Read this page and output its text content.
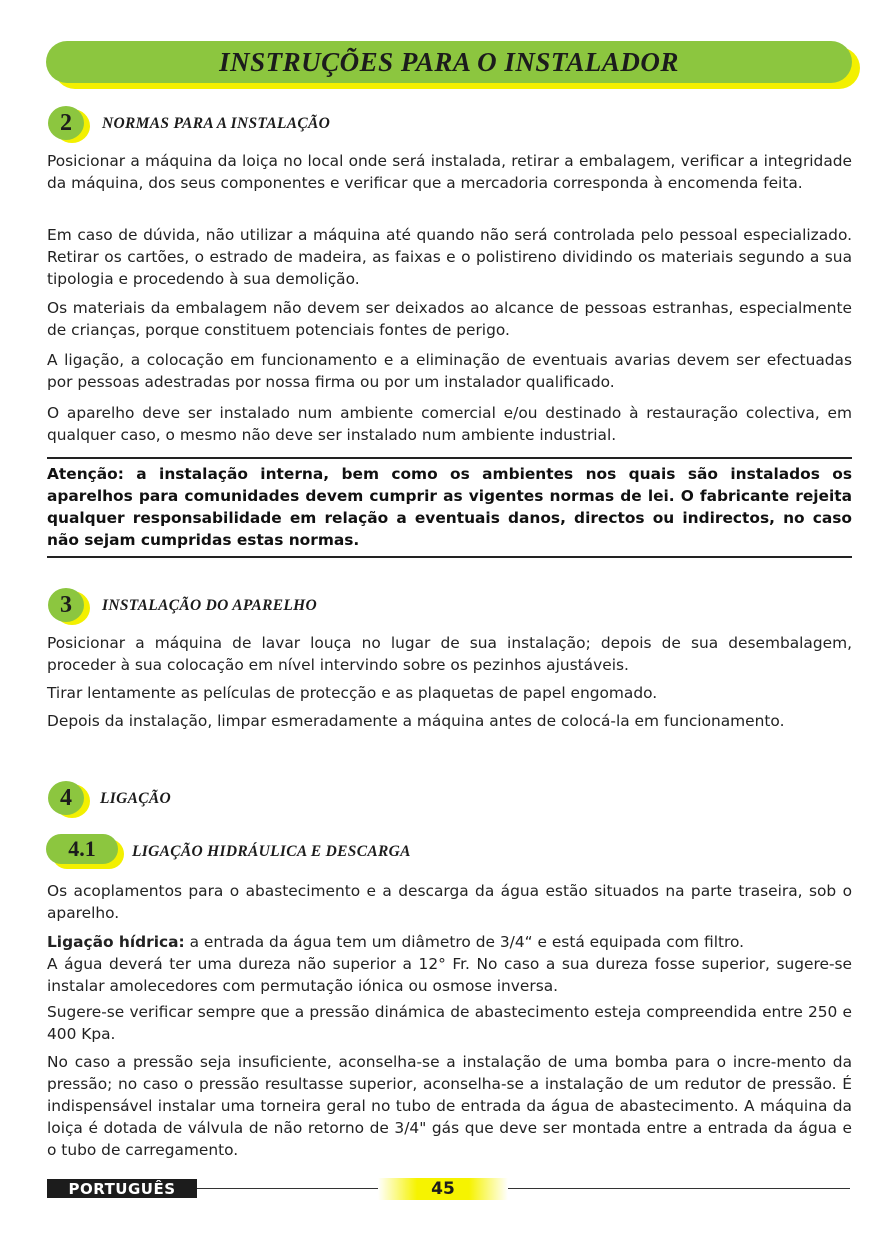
INSTRUÇÕES PARA O INSTALADOR
2	NORMAS PARA A INSTALAÇÃO

Posicionar a máquina da loiça no local onde será instalada, retirar a embalagem, verificar a integridade da máquina, dos seus componentes e verificar que a mercadoria corresponda à encomenda feita.

Em caso de dúvida, não utilizar a máquina até quando não será controlada pelo pessoal especializado. Retirar os cartões, o estrado de madeira, as faixas e o polistireno dividindo os materiais segundo a sua tipologia e procedendo à sua demolição.

Os materiais da embalagem não devem ser deixados ao alcance de pessoas estranhas, especialmente de crianças, porque constituem potenciais fontes de perigo.

A ligação, a colocação em funcionamento e a eliminação de eventuais avarias devem ser efectuadas por pessoas adestradas por nossa firma ou por um instalador qualificado.

O aparelho deve ser instalado num ambiente comercial e/ou destinado à restauração colectiva, em qualquer caso, o mesmo não deve ser instalado num ambiente industrial.

Atenção: a instalação interna, bem como os ambientes nos quais são instalados os aparelhos para comunidades devem cumprir as vigentes normas de lei. O fabricante rejeita qualquer responsabilidade em relação a eventuais danos, directos ou indirectos, no caso não sejam cumpridas estas normas.

3	INSTALAÇÃO DO APARELHO

Posicionar a máquina de lavar louça no lugar de sua instalação; depois de sua desembalagem, proceder à sua colocação em nível intervindo sobre os pezinhos ajustáveis.

Tirar lentamente as películas de protecção e as plaquetas de papel engomado.

Depois da instalação, limpar esmeradamente a máquina antes de colocá-la em funcionamento.

4	LIGAÇÃO
4.1	LIGAÇÃO HIDRÁULICA E DESCARGA

Os acoplamentos para o abastecimento e a descarga da água estão situados na parte traseira, sob o aparelho.

Ligação hídrica: a entrada da água tem um diâmetro de 3/4“ e está equipada com filtro.

A água deverá ter uma dureza não superior a 12° Fr. No caso a sua dureza fosse superior, sugere-se instalar amolecedores com permutação iónica ou osmose inversa.

Sugere-se verificar sempre que a pressão dinámica de abastecimento esteja compreendida entre 250 e 400 Kpa.

No caso a pressão seja insuficiente, aconselha-se a instalação de uma bomba para o incre-mento da pressão; no caso o pressão resultasse superior, aconselha-se a instalação de um redutor de pressão. É indispensável instalar uma torneira geral no tubo de entrada da água de abastecimento. A máquina da loiça é dotada de válvula de não retorno de 3/4" gás que deve ser montada entre a entrada da água e o tubo de carregamento.

PORTUGUÊS	45
